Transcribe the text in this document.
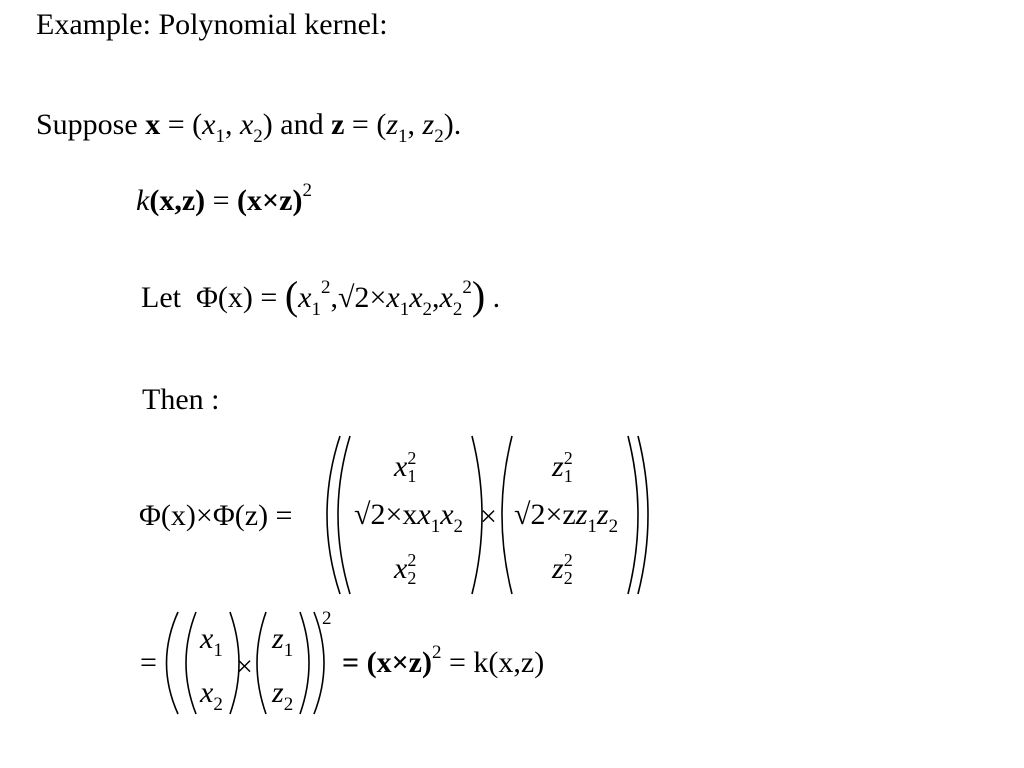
Example: Polynomial kernel:
Suppose $x = (x_1$, $x_2$) and $z = (z_1$, $z_2$).
$k(x,z) = (x\times z)^2$
Let $\Phi(x) = (x_1^2,√2\times x_1x_2,x_2^2)$ .
Then :
Φ(x)×Φ(z) =
$x_1^2$
$√2\times xx_1x_2$
$x_2^2$
×
$z_1^2$
$√2\times zz_1z_2$
$z_2^2$
=
$x_1$
$x_2$
×
$z_1$
$z_2$
2
= $(x\times z)^2 = k(x,z)$
